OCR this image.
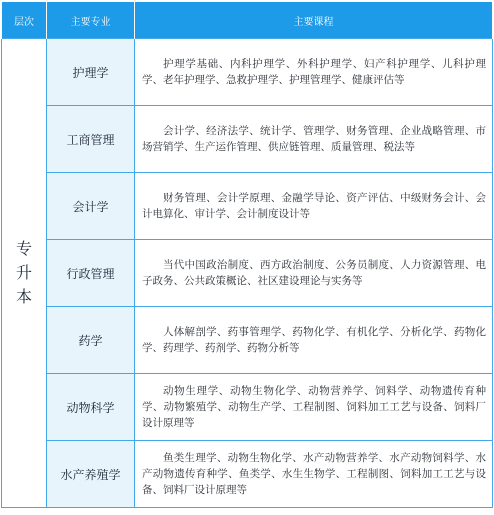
层次	主要专业	主要课程
专升本	护理学	护理学基础、内科护理学、外科护理学、妇产科护理学、儿科护理学、老年护理学、急救护理学、护理管理学、健康评估等

	工商管理	会计学、经济法学、统计学、管理学、财务管理、企业战略管理、市场营销学、生产运作管理、供应链管理、质量管理、税法等

	会计学	财务管理、会计学原理、金融学导论、资产评估、中级财务会计、会计电算化、审计学、会计制度设计等

	行政管理	当代中国政治制度、西方政治制度、公务员制度、人力资源管理、电子政务、公共政策概论、社区建设理论与实务等

	药学	人体解剖学、药事管理学、药物化学、有机化学、分析化学、药物化学、药理学、药剂学、药物分析等

	动物科学	动物生理学、动物生物化学、动物营养学、饲料学、动物遗传育种学、动物繁殖学、动物生产学、工程制图、饲料加工工艺与设备、饲料厂设计原理等

	水产养殖学	鱼类生理学、动物生物化学、水产动物营养学、水产动物饲料学、水产动物遗传育种学、鱼类学、水生生物学、工程制图、饲料加工工艺与设备、饲料厂设计原理等
